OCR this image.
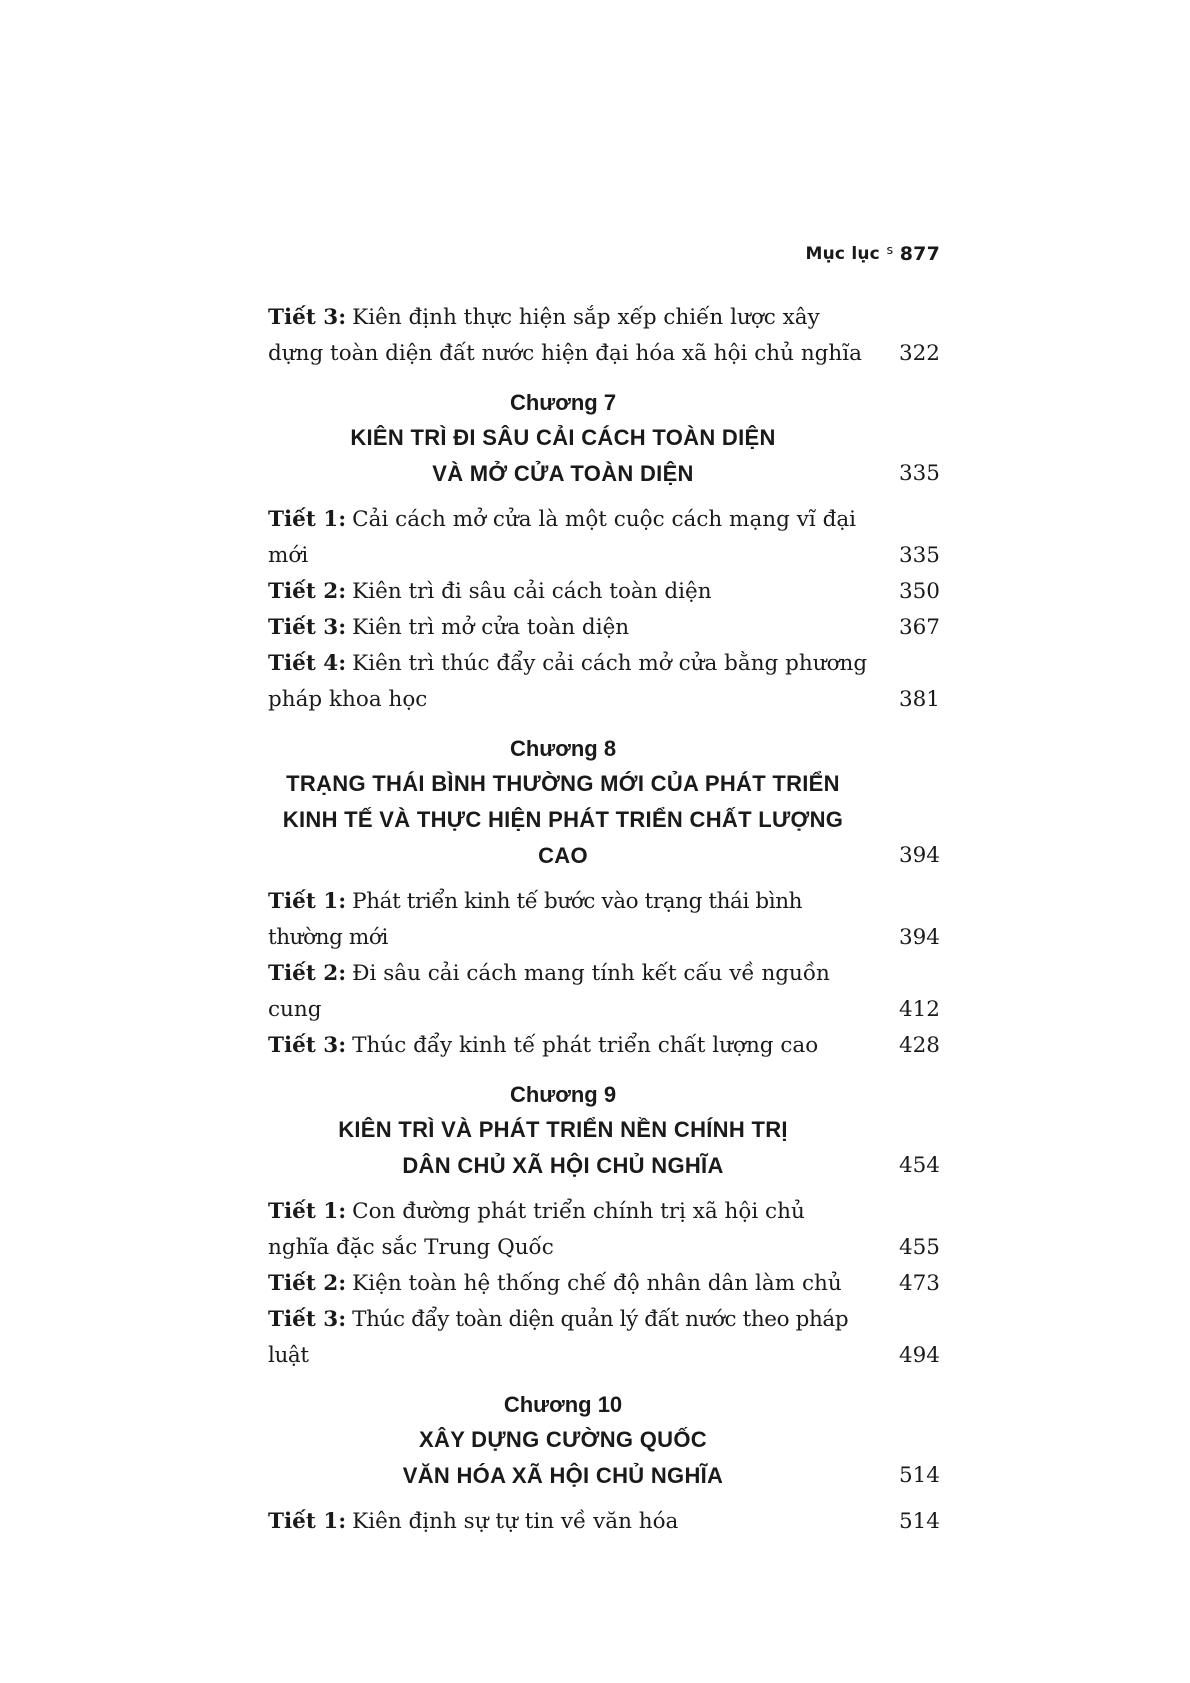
Mục lục ᔆ 877
Tiết 3: Kiên định thực hiện sắp xếp chiến lược xây dựng toàn diện đất nước hiện đại hóa xã hội chủ nghĩa	322
Chương 7
KIÊN TRÌ ĐI SÂU CẢI CÁCH TOÀN DIỆN
VÀ MỞ CỬA TOÀN DIỆN	335
Tiết 1: Cải cách mở cửa là một cuộc cách mạng vĩ đại mới	335
Tiết 2: Kiên trì đi sâu cải cách toàn diện	350
Tiết 3: Kiên trì mở cửa toàn diện	367
Tiết 4: Kiên trì thúc đẩy cải cách mở cửa bằng phương pháp khoa học	381
Chương 8
TRẠNG THÁI BÌNH THƯỜNG MỚI CỦA PHÁT TRIỂN
KINH TẾ VÀ THỰC HIỆN PHÁT TRIỂN CHẤT LƯỢNG CAO	394
Tiết 1: Phát triển kinh tế bước vào trạng thái bình thường mới	394
Tiết 2: Đi sâu cải cách mang tính kết cấu về nguồn cung	412
Tiết 3: Thúc đẩy kinh tế phát triển chất lượng cao	428
Chương 9
KIÊN TRÌ VÀ PHÁT TRIỂN NỀN CHÍNH TRỊ
DÂN CHỦ XÃ HỘI CHỦ NGHĨA	454
Tiết 1: Con đường phát triển chính trị xã hội chủ nghĩa đặc sắc Trung Quốc	455
Tiết 2: Kiện toàn hệ thống chế độ nhân dân làm chủ	473
Tiết 3: Thúc đẩy toàn diện quản lý đất nước theo pháp luật	494
Chương 10
XÂY DỰNG CƯỜNG QUỐC
VĂN HÓA XÃ HỘI CHỦ NGHĨA	514
Tiết 1: Kiên định sự tự tin về văn hóa	514
